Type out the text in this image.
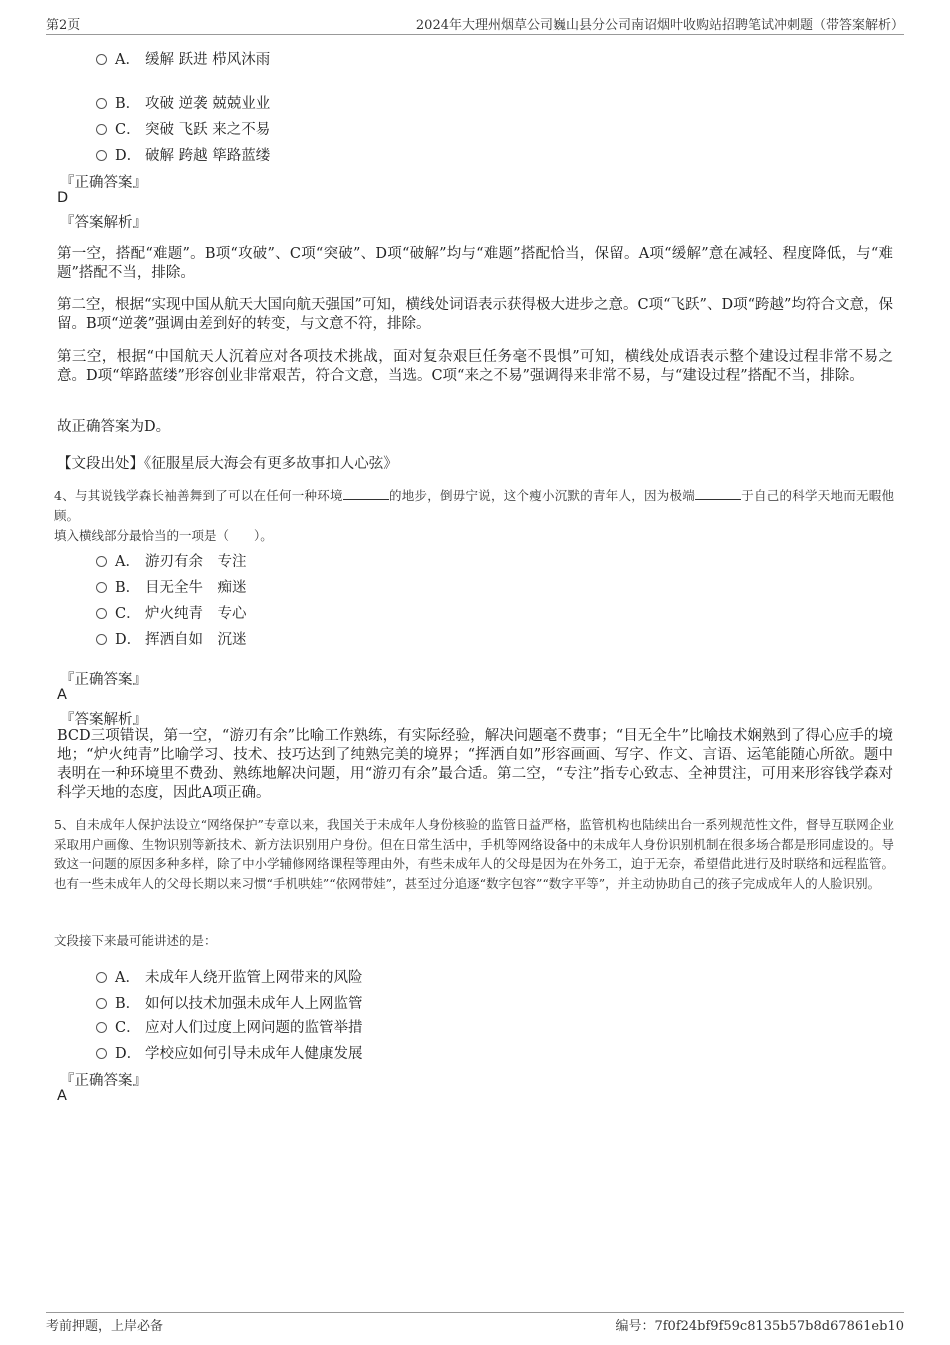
第2页	2024年大理州烟草公司巍山县分公司南诏烟叶收购站招聘笔试冲刺题（带答案解析）
A． 缓解 跃进 栉风沐雨
B． 攻破 逆袭 兢兢业业
C． 突破 飞跃 来之不易
D． 破解 跨越 筚路蓝缕
『正确答案』
D
『答案解析』
第一空，搭配“难题”。B项“攻破”、C项“突破”、D项“破解”均与“难题”搭配恰当，保留。A项“缓解”意在减轻、程度降低，与“难题”搭配不当，排除。
第二空，根据“实现中国从航天大国向航天强国”可知，横线处词语表示获得极大进步之意。C项“飞跃”、D项“跨越”均符合文意，保留。B项“逆袭”强调由差到好的转变，与文意不符，排除。
第三空，根据“中国航天人沉着应对各项技术挑战，面对复杂艰巨任务毫不畏惧”可知，横线处成语表示整个建设过程非常不易之意。D项“筚路蓝缕”形容创业非常艰苦，符合文意，当选。C项“来之不易”强调得来非常不易，与“建设过程”搭配不当，排除。
故正确答案为D。
【文段出处】《征服星辰大海会有更多故事扣人心弦》
4、与其说钱学森长袖善舞到了可以在任何一种环境	的地步，倒毋宁说，这个瘦小沉默的青年人，因为极端	于自己的科学天地而无暇他顾。
填入横线部分最恰当的一项是（　　）。
A． 游刃有余　专注
B． 目无全牛　痴迷
C． 炉火纯青　专心
D． 挥洒自如　沉迷
『正确答案』
A
『答案解析』
BCD三项错误，第一空，“游刃有余”比喻工作熟练，有实际经验，解决问题毫不费事；“目无全牛”比喻技术娴熟到了得心应手的境地；“炉火纯青”比喻学习、技术、技巧达到了纯熟完美的境界；“挥洒自如”形容画画、写字、作文、言语、运笔能随心所欲。题中表明在一种环境里不费劲、熟练地解决问题，用“游刃有余”最合适。第二空，“专注”指专心致志、全神贯注，可用来形容钱学森对科学天地的态度，因此A项正确。
5、自未成年人保护法设立“网络保护”专章以来，我国关于未成年人身份核验的监管日益严格，监管机构也陆续出台一系列规范性文件，督导互联网企业采取用户画像、生物识别等新技术、新方法识别用户身份。但在日常生活中，手机等网络设备中的未成年人身份识别机制在很多场合都是形同虚设的。导致这一问题的原因多种多样，除了中小学辅修网络课程等理由外，有些未成年人的父母是因为在外务工，迫于无奈，希望借此进行及时联络和远程监管。也有一些未成年人的父母长期以来习惯“手机哄娃”“依网带娃”，甚至过分追逐“数字包容”“数字平等”，并主动协助自己的孩子完成成年人的人脸识别。
文段接下来最可能讲述的是：
A． 未成年人绕开监管上网带来的风险
B． 如何以技术加强未成年人上网监管
C． 应对人们过度上网问题的监管举措
D． 学校应如何引导未成年人健康发展
『正确答案』
A
考前押题，上岸必备	编号：7f0f24bf9f59c8135b57b8d67861eb10
